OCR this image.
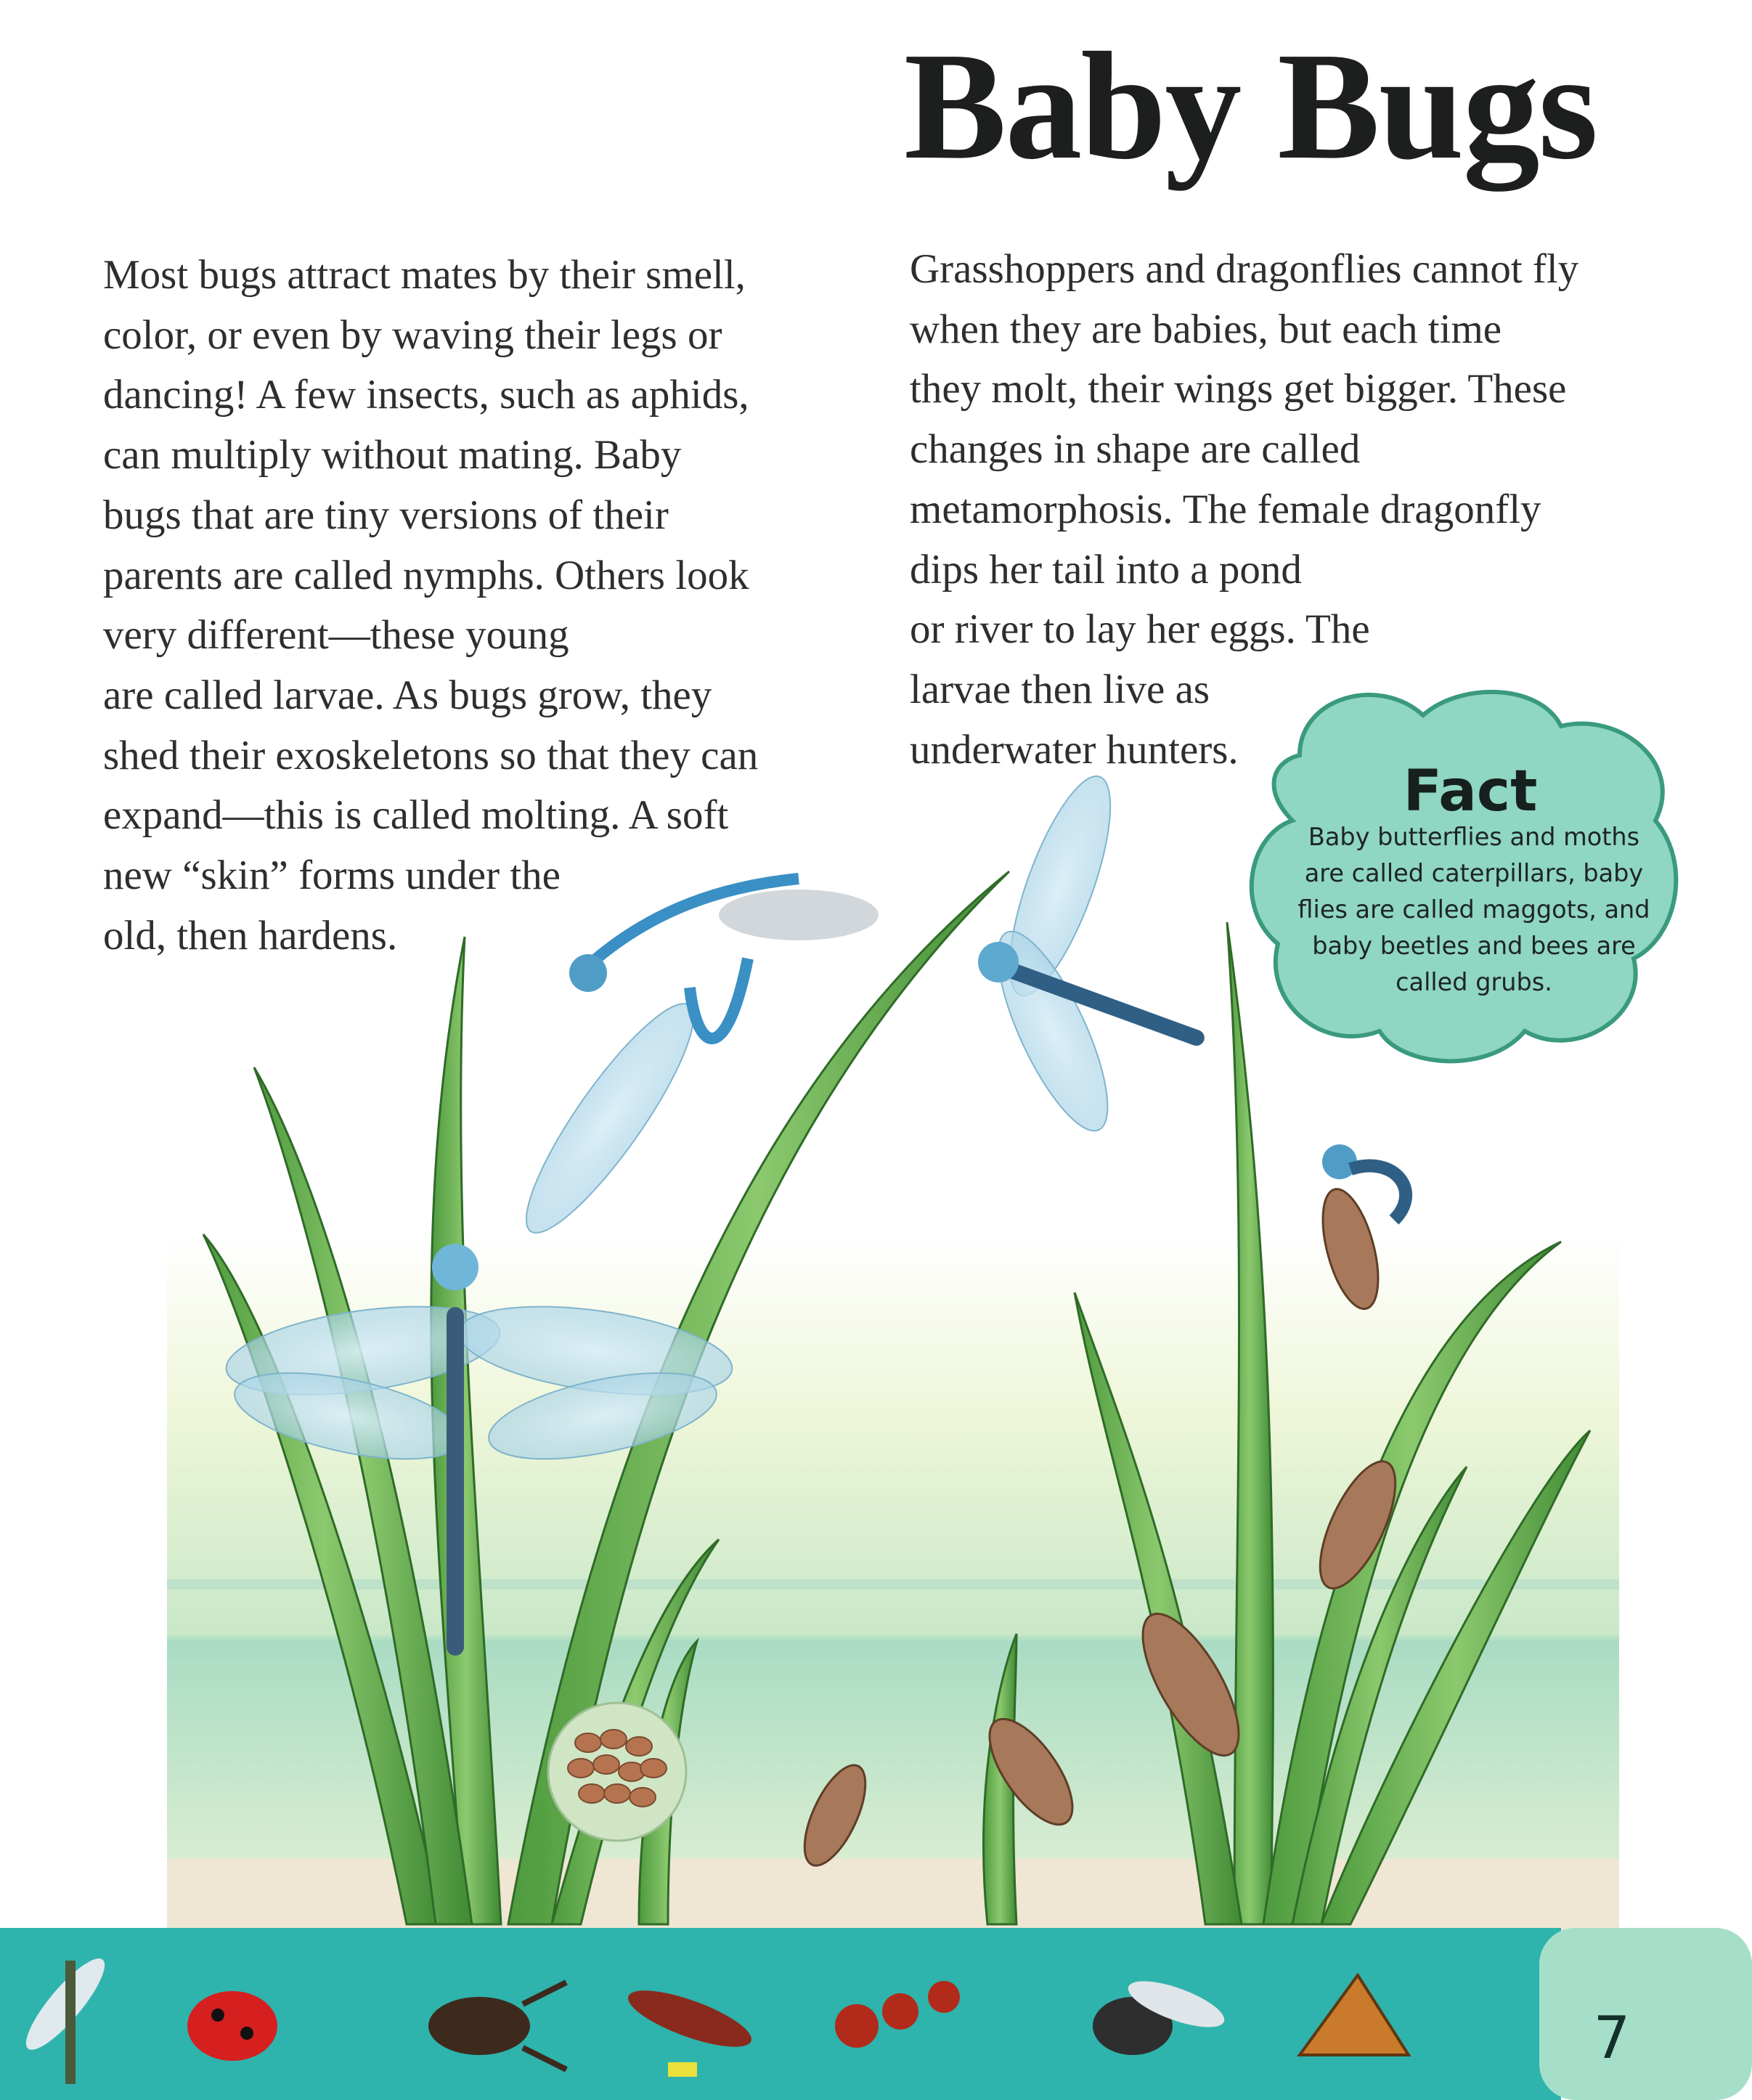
Baby Bugs
Most bugs attract mates by their smell,
color, or even by waving their legs or
dancing! A few insects, such as aphids,
can multiply without mating. Baby
bugs that are tiny versions of their
parents are called nymphs. Others look
very different—these young
are called larvae. As bugs grow, they
shed their exoskeletons so that they can
expand—this is called molting. A soft
new “skin” forms under the
old, then hardens.
Grasshoppers and dragonflies cannot fly
when they are babies, but each time
they molt, their wings get bigger. These
changes in shape are called
metamorphosis. The female dragonfly
dips her tail into a pond
or river to lay her eggs. The
larvae then live as
underwater hunters.
Fact
Baby butterflies and moths
are called caterpillars, baby
flies are called maggots, and
baby beetles and bees are
called grubs.
7
